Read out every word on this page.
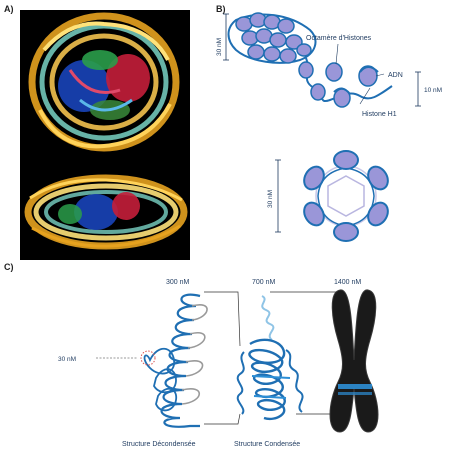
A)	B)
30 nM	Octamère d'Histones
ADN
Histone H1
10 nM
30 nM
C)
30 nM
300 nM	700 nM	1400 nM
Structure Décondensée	Structure Condensée
